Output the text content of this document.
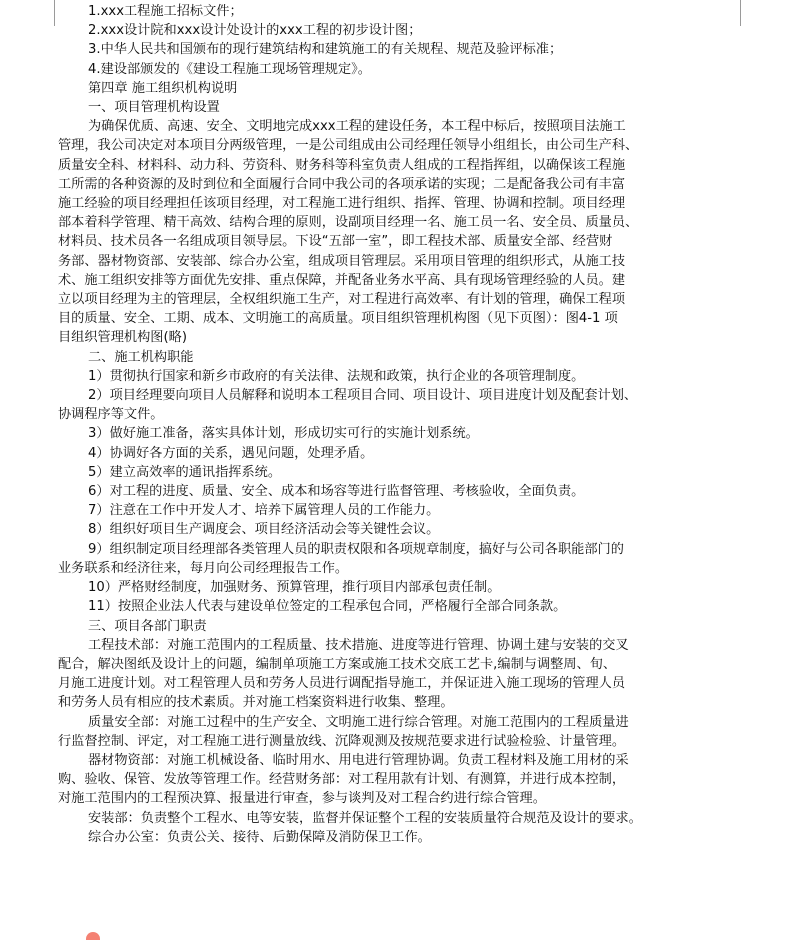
1.xxx工程施工招标文件；
2.xxx设计院和xxx设计处设计的xxx工程的初步设计图；
3.中华人民共和国颁布的现行建筑结构和建筑施工的有关规程、规范及验评标准；
4.建设部颁发的《建设工程施工现场管理规定》。
第四章 施工组织机构说明
一、项目管理机构设置
为确保优质、高速、安全、文明地完成xxx工程的建设任务，本工程中标后，按照项目法施工
管理，我公司决定对本项目分两级管理，一是公司组成由公司经理任领导小组组长，由公司生产科、
质量安全科、材料科、动力科、劳资科、财务科等科室负责人组成的工程指挥组，以确保该工程施
工所需的各种资源的及时到位和全面履行合同中我公司的各项承诺的实现；二是配备我公司有丰富
施工经验的项目经理担任该项目经理，对工程施工进行组织、指挥、管理、协调和控制。项目经理
部本着科学管理、精干高效、结构合理的原则，设副项目经理一名、施工员一名、安全员、质量员、
材料员、技术员各一名组成项目领导层。下设“五部一室”，即工程技术部、质量安全部、经营财
务部、器材物资部、安装部、综合办公室，组成项目管理层。采用项目管理的组织形式，从施工技
术、施工组织安排等方面优先安排、重点保障，并配备业务水平高、具有现场管理经验的人员。建
立以项目经理为主的管理层，全权组织施工生产，对工程进行高效率、有计划的管理，确保工程项
目的质量、安全、工期、成本、文明施工的高质量。项目组织管理机构图（见下页图）：图4-1 项
目组织管理机构图(略)
二、施工机构职能
1）贯彻执行国家和新乡市政府的有关法律、法规和政策，执行企业的各项管理制度。
2）项目经理要向项目人员解释和说明本工程项目合同、项目设计、项目进度计划及配套计划、
协调程序等文件。
3）做好施工准备，落实具体计划，形成切实可行的实施计划系统。
4）协调好各方面的关系，遇见问题，处理矛盾。
5）建立高效率的通讯指挥系统。
6）对工程的进度、质量、安全、成本和场容等进行监督管理、考核验收，全面负责。
7）注意在工作中开发人才、培养下属管理人员的工作能力。
8）组织好项目生产调度会、项目经济活动会等关键性会议。
9）组织制定项目经理部各类管理人员的职责权限和各项规章制度，搞好与公司各职能部门的
业务联系和经济往来，每月向公司经理报告工作。
10）严格财经制度，加强财务、预算管理，推行项目内部承包责任制。
11）按照企业法人代表与建设单位签定的工程承包合同，严格履行全部合同条款。
三、项目各部门职责
工程技术部：对施工范围内的工程质量、技术措施、进度等进行管理、协调土建与安装的交叉
配合，解决图纸及设计上的问题，编制单项施工方案或施工技术交底工艺卡,编制与调整周、旬、
月施工进度计划。对工程管理人员和劳务人员进行调配指导施工，并保证进入施工现场的管理人员
和劳务人员有相应的技术素质。并对施工档案资料进行收集、整理。
质量安全部：对施工过程中的生产安全、文明施工进行综合管理。对施工范围内的工程质量进
行监督控制、评定，对工程施工进行测量放线、沉降观测及按规范要求进行试验检验、计量管理。
器材物资部：对施工机械设备、临时用水、用电进行管理协调。负责工程材料及施工用材的采
购、验收、保管、发放等管理工作。经营财务部：对工程用款有计划、有测算，并进行成本控制，
对施工范围内的工程预决算、报量进行审查，参与谈判及对工程合约进行综合管理。
安装部：负责整个工程水、电等安装，监督并保证整个工程的安装质量符合规范及设计的要求。
综合办公室：负责公关、接待、后勤保障及消防保卫工作。
